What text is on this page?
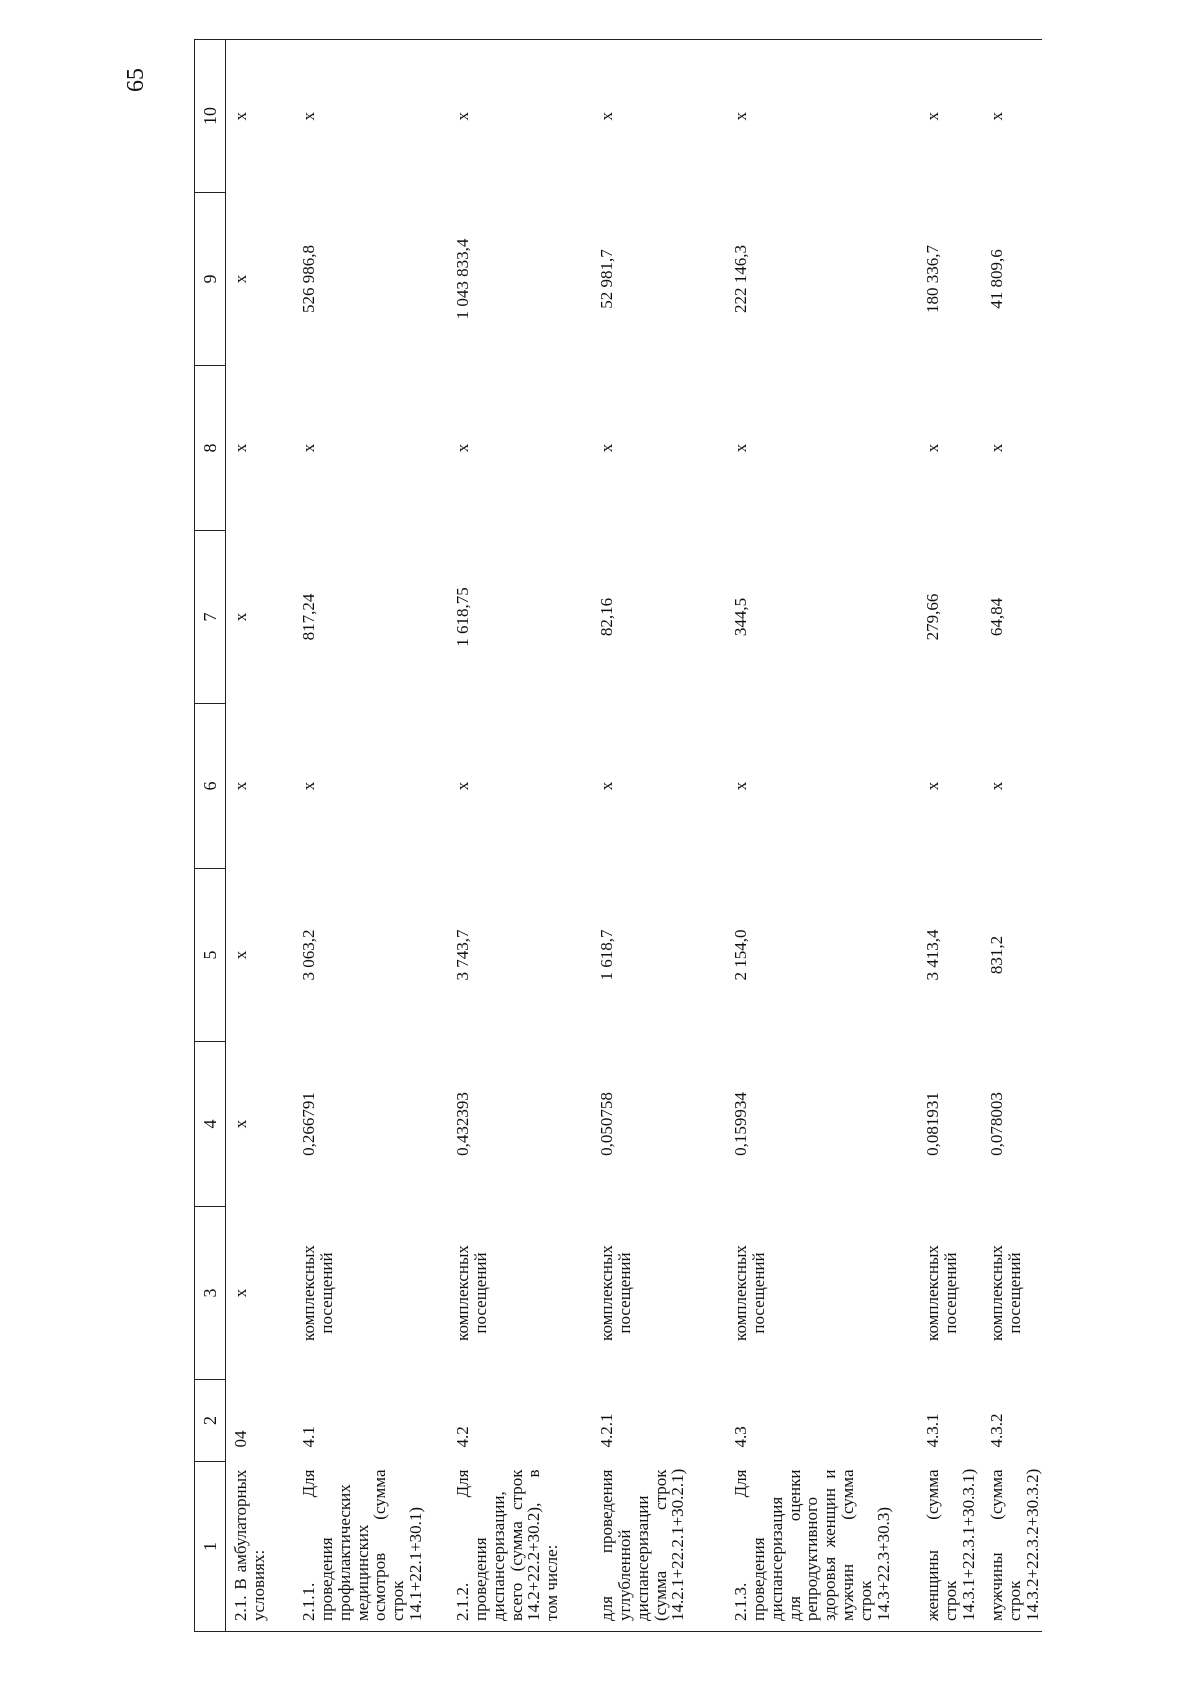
65
1	2	3	4	5	6	7	8	9	10
2.1. В амбулаторных условиях:	04	х	х	х	х	х	х	х	х
2.1.1. Для проведения профилактических медицинских осмотров (сумма строк 14.1+22.1+30.1)	4.1	комплексных посещений	0,266791	3 063,2	х	817,24	х	526 986,8	х
2.1.2. Для проведения диспансеризации, всего (сумма строк 14.2+22.2+30.2), в том числе:	4.2	комплексных посещений	0,432393	3 743,7	х	1 618,75	х	1 043 833,4	х
для проведения углубленной диспансеризации (сумма строк 14.2.1+22.2.1+30.2.1)	4.2.1	комплексных посещений	0,050758	1 618,7	х	82,16	х	52 981,7	х
2.1.3. Для проведения диспансеризация для оценки репродуктивного здоровья женщин и мужчин (сумма строк 14.3+22.3+30.3)	4.3	комплексных посещений	0,159934	2 154,0	х	344,5	х	222 146,3	х
женщины (сумма строк 14.3.1+22.3.1+30.3.1)	4.3.1	комплексных посещений	0,081931	3 413,4	х	279,66	х	180 336,7	х
мужчины (сумма строк 14.3.2+22.3.2+30.3.2)	4.3.2	комплексных посещений	0,078003	831,2	х	64,84	х	41 809,6	х
